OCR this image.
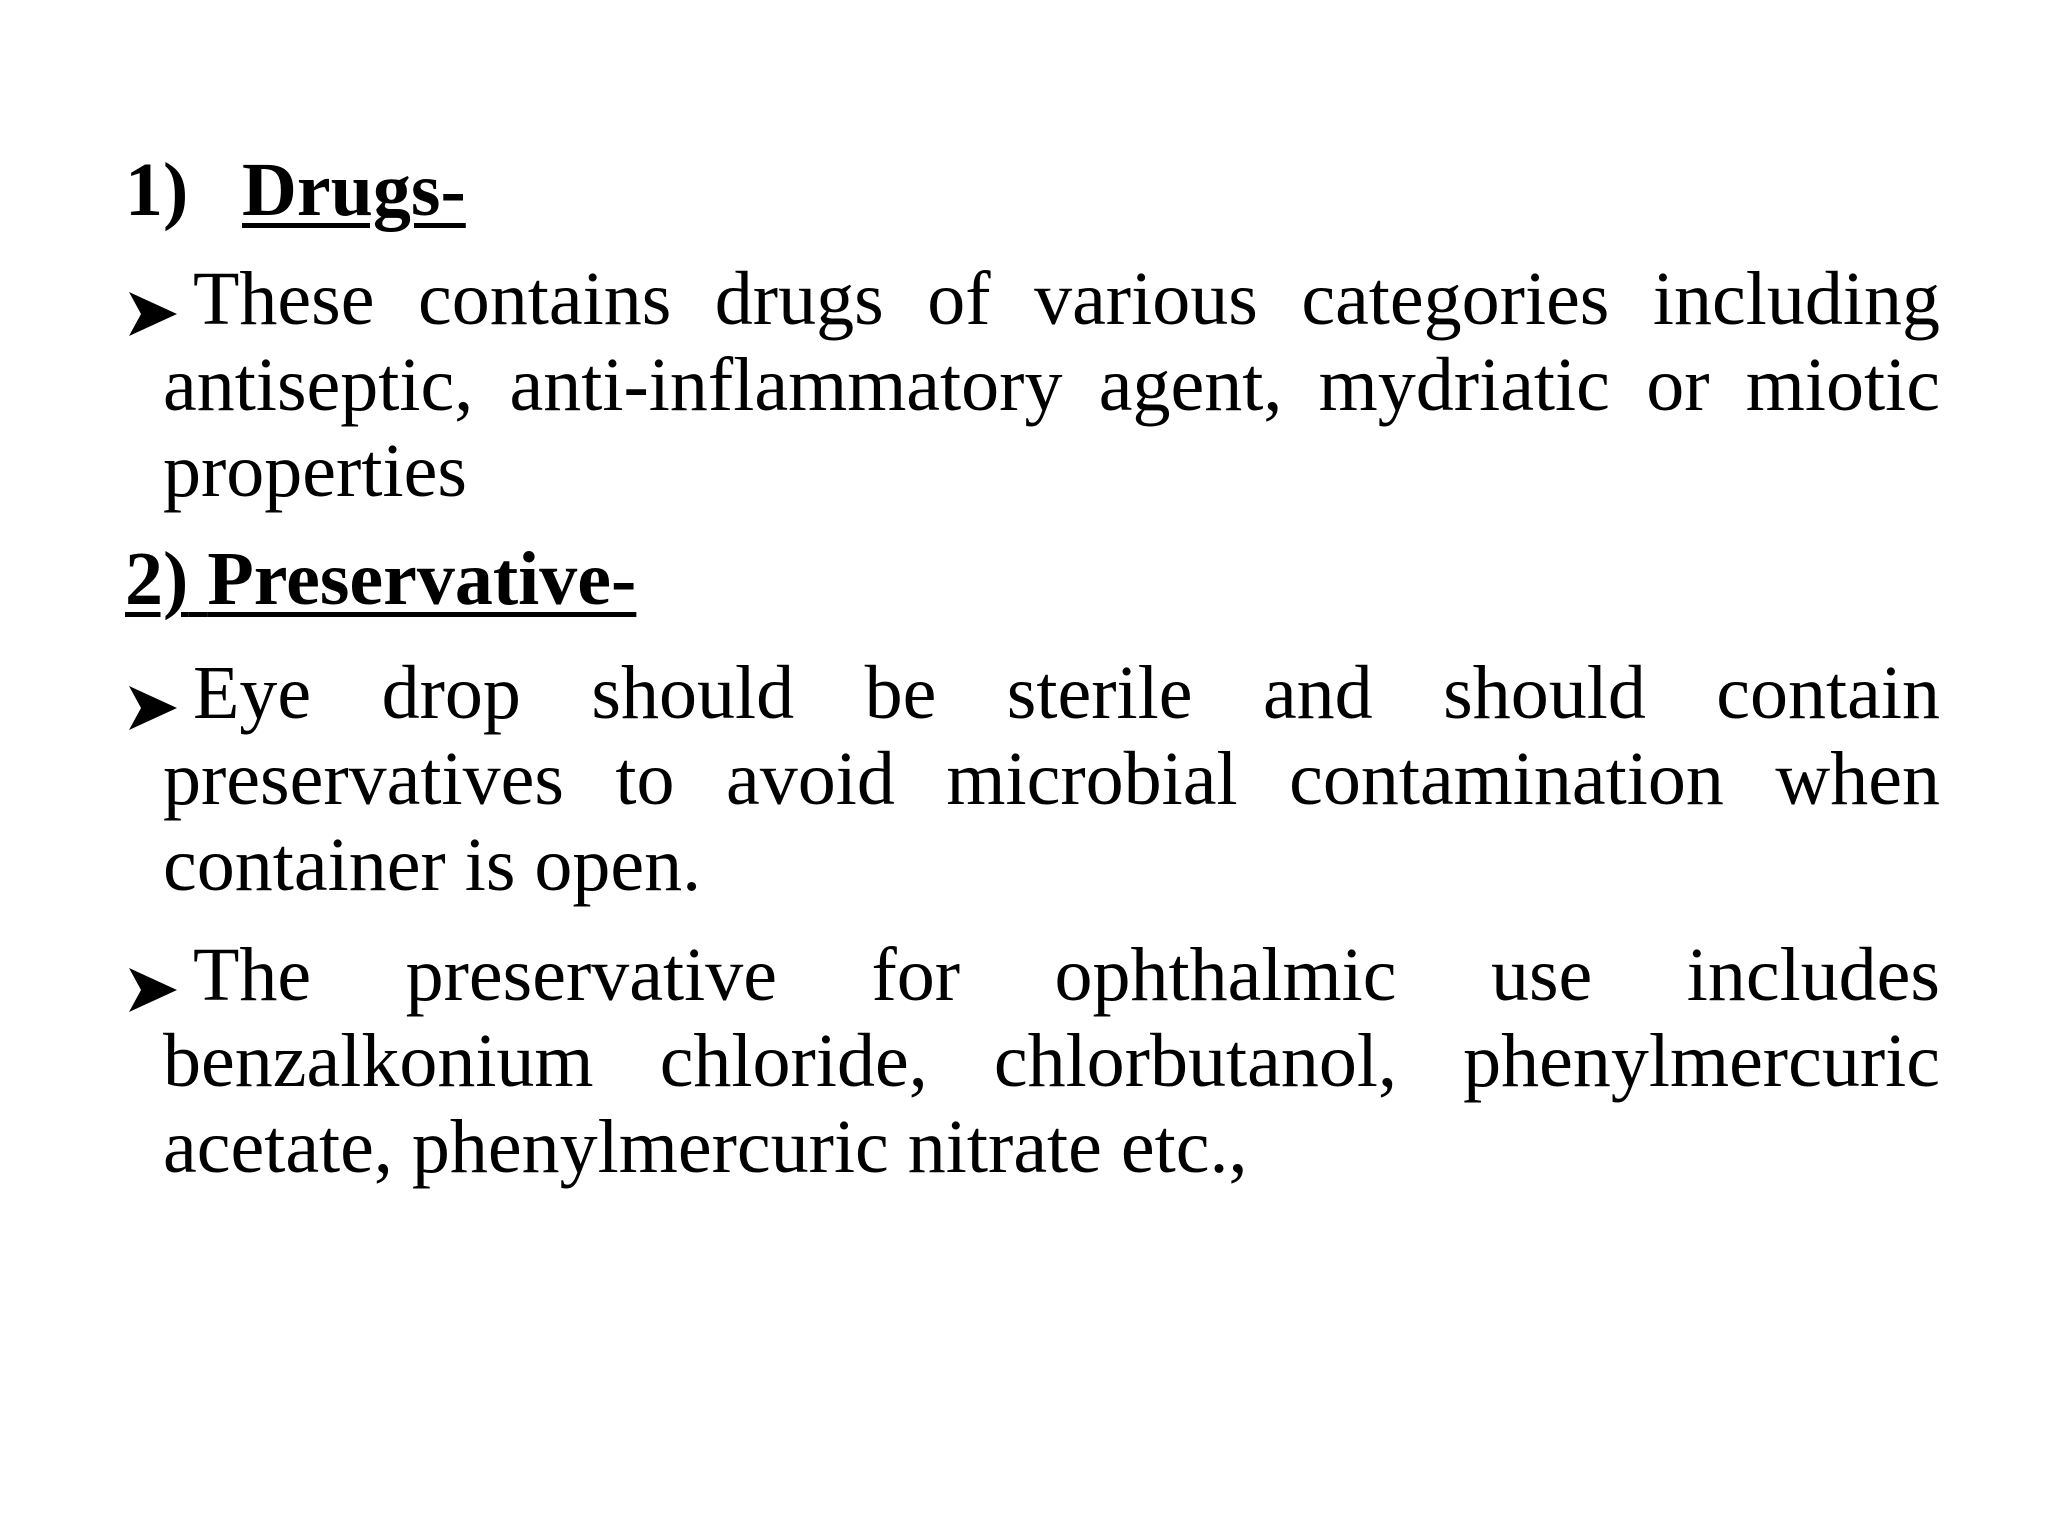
1) Drugs-

These contains drugs of various categories including antiseptic, anti-inflammatory agent, mydriatic or miotic properties

2) Preservative-

Eye drop should be sterile and should contain preservatives to avoid microbial contamination when container is open.

The preservative for ophthalmic use includes benzalkonium chloride, chlorbutanol, phenylmercuric acetate, phenylmercuric nitrate etc.,
